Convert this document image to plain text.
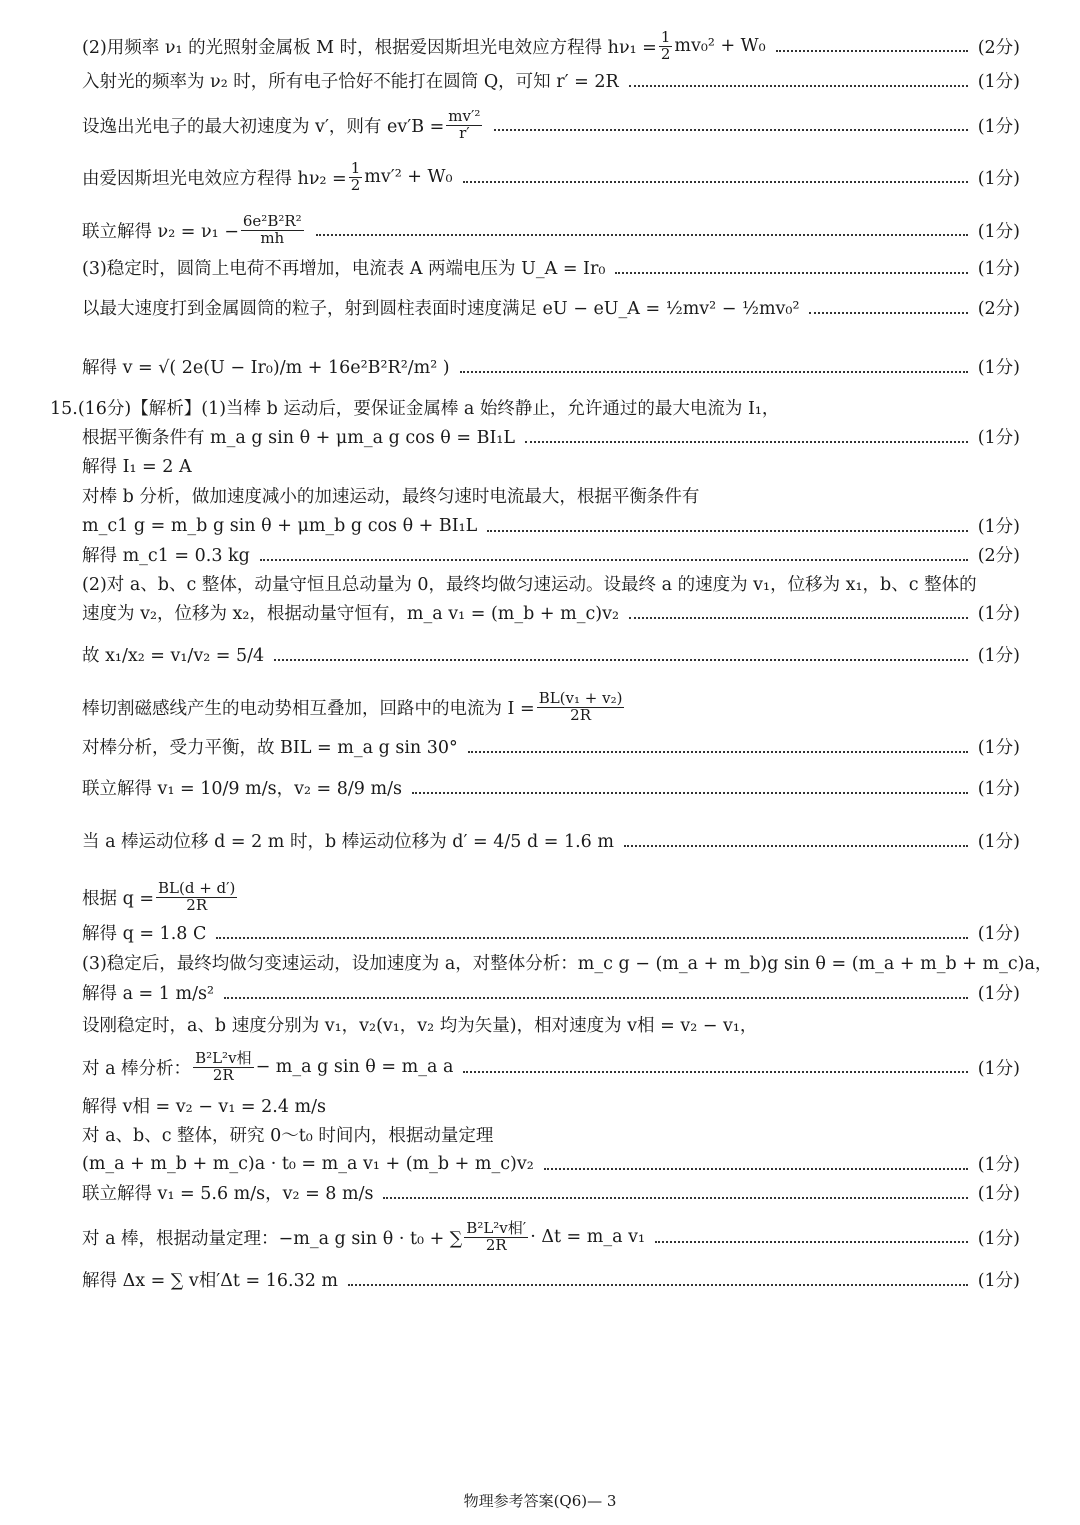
(2)用频率 ν₁ 的光照射金属板 M 时，根据爱因斯坦光电效应方程得 $h\nu_1 = \frac{1}{2} mv_0^2 + W_0$	(2分)
入射光的频率为 ν₂ 时，所有电子恰好不能打在圆筒 Q，可知 r′ = 2R	(1分)
设逸出光电子的最大初速度为 v′，则有 $ev'B = \frac{\text{mv′²}}{r'}$	(1分)
由爱因斯坦光电效应方程得 $h\nu_2 = \frac{1}{2} mv'^2 + W_0$	(1分)
联立解得 $\nu_2 = \nu_1 - \frac{\text{6e²B²R²}}{mh}$	(1分)
(3)稳定时，圆筒上电荷不再增加，电流表 A 两端电压为 U_A = Ir₀	(1分)
以最大速度打到金属圆筒的粒子，射到圆柱表面时速度满足 eU − eU_A = ½mv² − ½mv₀²	(2分)
解得 v = √( 2e(U − Ir₀)/m + 16e²B²R²/m² )	(1分)
15.(16分)【解析】(1)当棒 b 运动后，要保证金属棒 a 始终静止，允许通过的最大电流为 I₁，
根据平衡条件有 m_a g sin θ + μm_a g cos θ = BI₁L	(1分)
解得 I₁ = 2 A
对棒 b 分析，做加速度减小的加速运动，最终匀速时电流最大，根据平衡条件有
m_c1 g = m_b g sin θ + μm_b g cos θ + BI₁L	(1分)
解得 m_c1 = 0.3 kg	(2分)
(2)对 a、b、c 整体，动量守恒且总动量为 0，最终均做匀速运动。设最终 a 的速度为 v₁，位移为 x₁，b、c 整体的
速度为 v₂，位移为 x₂，根据动量守恒有，m_a v₁ = (m_b + m_c)v₂	(1分)
故 x₁/x₂ = v₁/v₂ = 5/4	(1分)
棒切割磁感线产生的电动势相互叠加，回路中的电流为 $I = \frac{\text{BL(v₁ + v₂)}}{2R}$
对棒分析，受力平衡，故 BIL = m_a g sin 30°	(1分)
联立解得 v₁ = 10/9 m/s，v₂ = 8/9 m/s	(1分)
当 a 棒运动位移 d = 2 m 时，b 棒运动位移为 d′ = 4/5 d = 1.6 m	(1分)
根据 $q = \frac{BL(d + d')}{2R}$
解得 q = 1.8 C	(1分)
(3)稳定后，最终均做匀变速运动，设加速度为 a，对整体分析：m_c g − (m_a + m_b)g sin θ = (m_a + m_b + m_c)a，
解得 a = 1 m/s²	(1分)
设刚稳定时，a、b 速度分别为 v₁，v₂(v₁，v₂ 均为矢量)，相对速度为 v相 = v₂ − v₁，
对 a 棒分析： $\frac{\text{B²L²v相}}{2R}$ − m_a g sin θ = m_a a	(1分)
解得 v相 = v₂ − v₁ = 2.4 m/s
对 a、b、c 整体，研究 0～t₀ 时间内，根据动量定理
(m_a + m_b + m_c)a · t₀ = m_a v₁ + (m_b + m_c)v₂	(1分)
联立解得 v₁ = 5.6 m/s，v₂ = 8 m/s	(1分)
对 a 棒，根据动量定理：−m_a g sin θ · t₀ + ∑ $\frac{\text{B²L²v相′}}{2R} \cdot \Delta t$ = m_a v₁	(1分)
解得 Δx = ∑ v相′Δt = 16.32 m	(1分)
物理参考答案(Q6)— 3
